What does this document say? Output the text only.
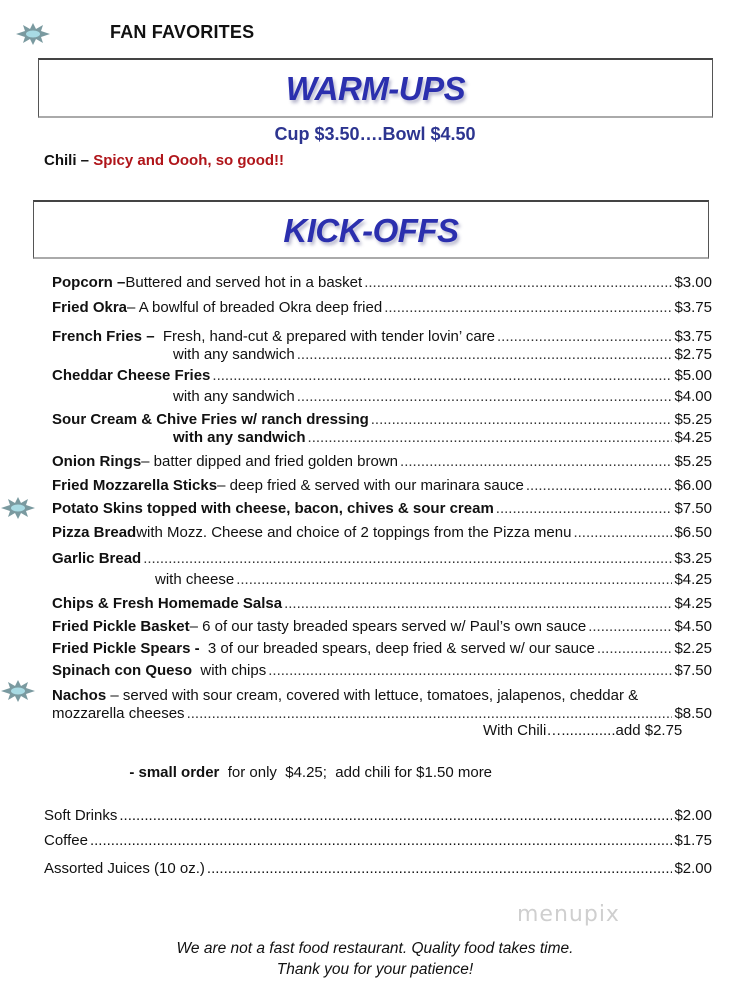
FAN FAVORITES
WARM-UPS
Cup $3.50….Bowl $4.50
Chili – Spicy and Oooh, so good!!
KICK-OFFS
Popcorn – Buttered and served hot in a basket .....	$3.00
Fried Okra – A bowlful of breaded Okra deep fried .....	$3.75
French Fries – Fresh, hand-cut & prepared with tender lovin’ care .....	$3.75
with any sandwich .....	$2.75
Cheddar Cheese Fries .....	$5.00
with any sandwich .....	$4.00
Sour Cream & Chive Fries w/ ranch dressing .....	$5.25
with any sandwich .....	$4.25
Onion Rings – batter dipped and fried golden brown .....	$5.25
Fried Mozzarella Sticks – deep fried & served with our marinara sauce .....	$6.00
Potato Skins topped with cheese, bacon, chives & sour cream .....	$7.50
Pizza Bread with Mozz. Cheese and choice of 2 toppings from the Pizza menu .....	$6.50
Garlic Bread .....	$3.25
with cheese .....	$4.25
Chips & Fresh Homemade Salsa .....	$4.25
Fried Pickle Basket – 6 of our tasty breaded spears served w/ Paul’s own sauce .....	$4.50
Fried Pickle Spears - 3 of our breaded spears, deep fried & served w/ our sauce .....	$2.25
Spinach con Queso with chips .....	$7.50
Nachos – served with sour cream, covered with lettuce, tomatoes, jalapenos, cheddar &
mozzarella cheeses .....	$8.50
With Chili….............add $2.75

- small order  for only  $4.25;  add chili for $1.50 more

Soft Drinks .....	$2.00
Coffee .....	$1.75
Assorted Juices (10 oz.) .....	$2.00
menupix
We are not a fast food restaurant. Quality food takes time.
Thank you for your patience!
